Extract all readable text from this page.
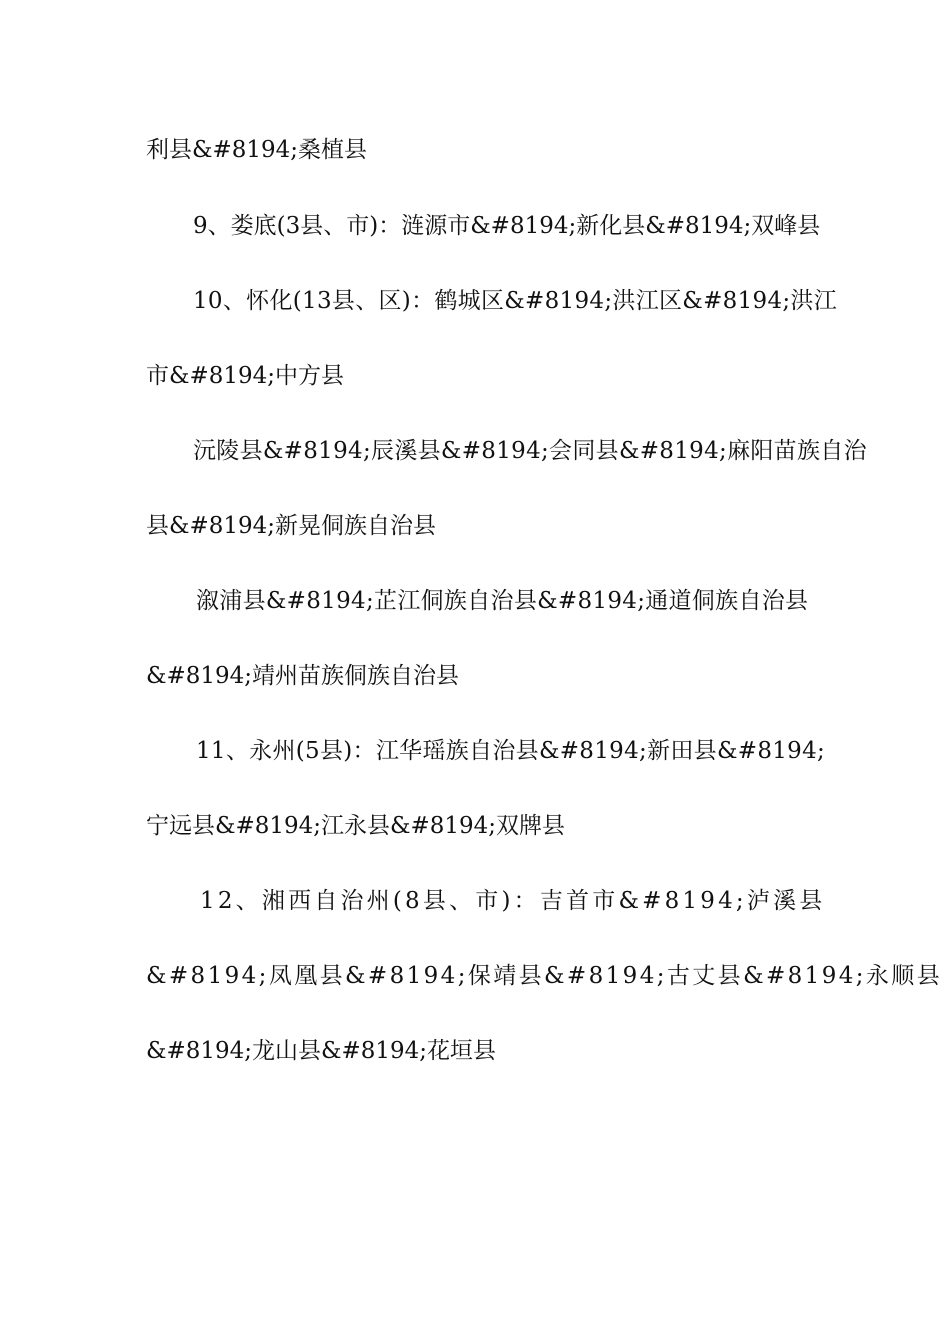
利县&#8194;桑植县

9、娄底(3县、市)：涟源市&#8194;新化县&#8194;双峰县

10、怀化(13县、区)：鹤城区&#8194;洪江区&#8194;洪江

市&#8194;中方县

沅陵县&#8194;辰溪县&#8194;会同县&#8194;麻阳苗族自治

县&#8194;新晃侗族自治县

溆浦县&#8194;芷江侗族自治县&#8194;通道侗族自治县

&#8194;靖州苗族侗族自治县

11、永州(5县)：江华瑶族自治县&#8194;新田县&#8194;

宁远县&#8194;江永县&#8194;双牌县

12、湘西自治州(8县、市)：吉首市&#8194;泸溪县

&#8194;凤凰县&#8194;保靖县&#8194;古丈县&#8194;永顺县

&#8194;龙山县&#8194;花垣县
